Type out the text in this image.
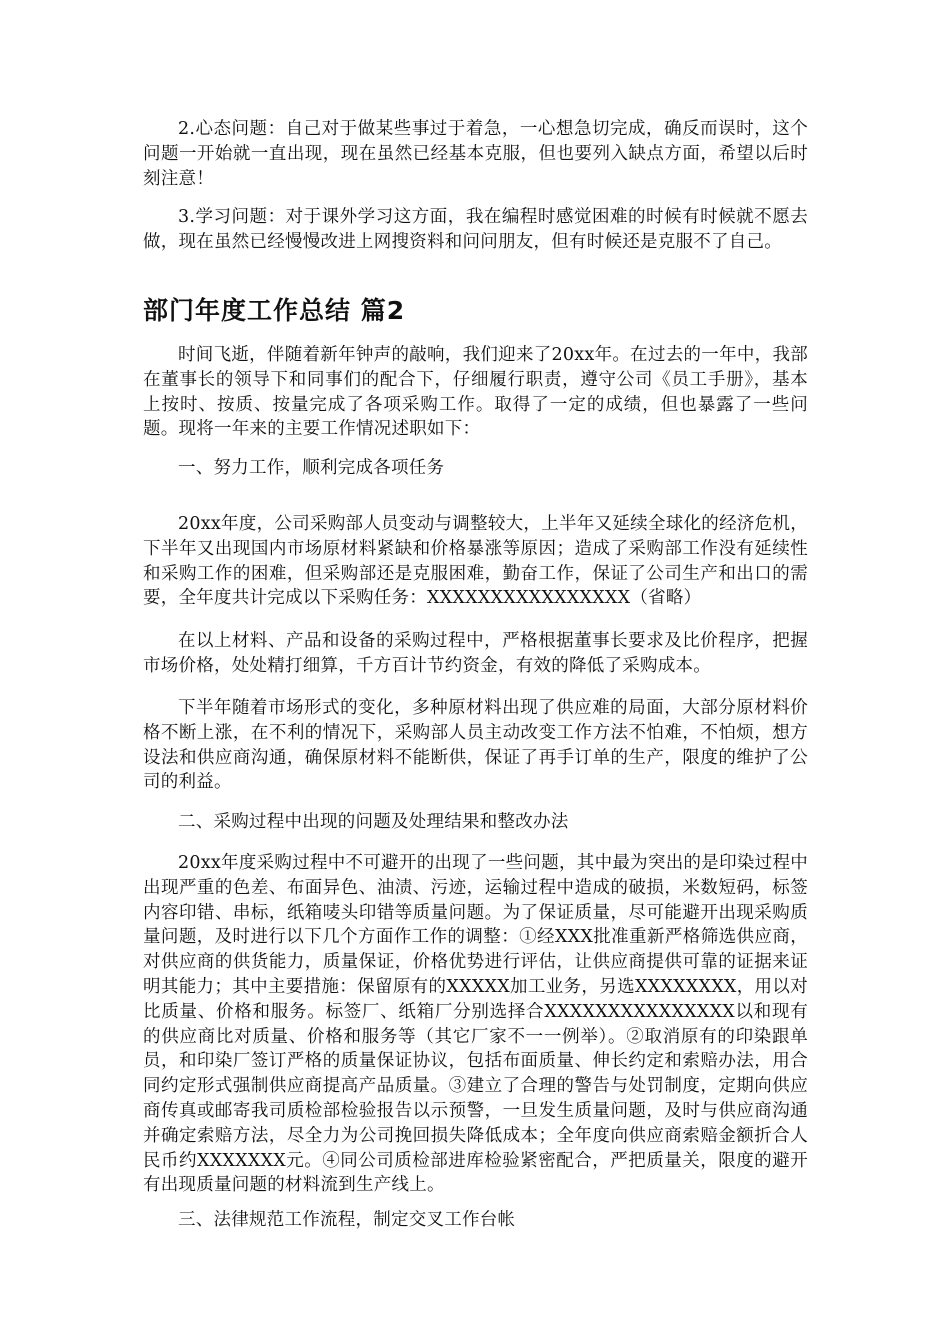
2.心态问题：自己对于做某些事过于着急，一心想急切完成，确反而误时，这个问题一开始就一直出现，现在虽然已经基本克服，但也要列入缺点方面，希望以后时刻注意！

3.学习问题：对于课外学习这方面，我在编程时感觉困难的时候有时候就不愿去做，现在虽然已经慢慢改进上网搜资料和问问朋友，但有时候还是克服不了自己。

部门年度工作总结 篇2

时间飞逝，伴随着新年钟声的敲响，我们迎来了20xx年。在过去的一年中，我部在董事长的领导下和同事们的配合下，仔细履行职责，遵守公司《员工手册》，基本上按时、按质、按量完成了各项采购工作。取得了一定的成绩，但也暴露了一些问题。现将一年来的主要工作情况述职如下：

一、努力工作，顺利完成各项任务

20xx年度，公司采购部人员变动与调整较大，上半年又延续全球化的经济危机，下半年又出现国内市场原材料紧缺和价格暴涨等原因；造成了采购部工作没有延续性和采购工作的困难，但采购部还是克服困难，勤奋工作，保证了公司生产和出口的需要，全年度共计完成以下采购任务：XXXXXXXXXXXXXXXX（省略）

在以上材料、产品和设备的采购过程中，严格根据董事长要求及比价程序，把握市场价格，处处精打细算，千方百计节约资金，有效的降低了采购成本。

下半年随着市场形式的变化，多种原材料出现了供应难的局面，大部分原材料价格不断上涨，在不利的情况下，采购部人员主动改变工作方法不怕难，不怕烦，想方设法和供应商沟通，确保原材料不能断供，保证了再手订单的生产，限度的维护了公司的利益。

二、采购过程中出现的问题及处理结果和整改办法

20xx年度采购过程中不可避开的出现了一些问题，其中最为突出的是印染过程中出现严重的色差、布面异色、油渍、污迹，运输过程中造成的破损，米数短码，标签内容印错、串标，纸箱唛头印错等质量问题。为了保证质量，尽可能避开出现采购质量问题，及时进行以下几个方面作工作的调整：①经XXX批准重新严格筛选供应商，对供应商的供货能力，质量保证，价格优势进行评估，让供应商提供可靠的证据来证明其能力；其中主要措施：保留原有的XXXXX加工业务，另选XXXXXXXX，用以对比质量、价格和服务。标签厂、纸箱厂分别选择合XXXXXXXXXXXXXXX以和现有的供应商比对质量、价格和服务等（其它厂家不一一例举）。②取消原有的印染跟单员，和印染厂签订严格的质量保证协议，包括布面质量、伸长约定和索赔办法，用合同约定形式强制供应商提高产品质量。③建立了合理的警告与处罚制度，定期向供应商传真或邮寄我司质检部检验报告以示预警，一旦发生质量问题，及时与供应商沟通并确定索赔方法，尽全力为公司挽回损失降低成本；全年度向供应商索赔金额折合人民币约XXXXXXX元。④同公司质检部进库检验紧密配合，严把质量关，限度的避开有出现质量问题的材料流到生产线上。

三、法律规范工作流程，制定交叉工作台帐
